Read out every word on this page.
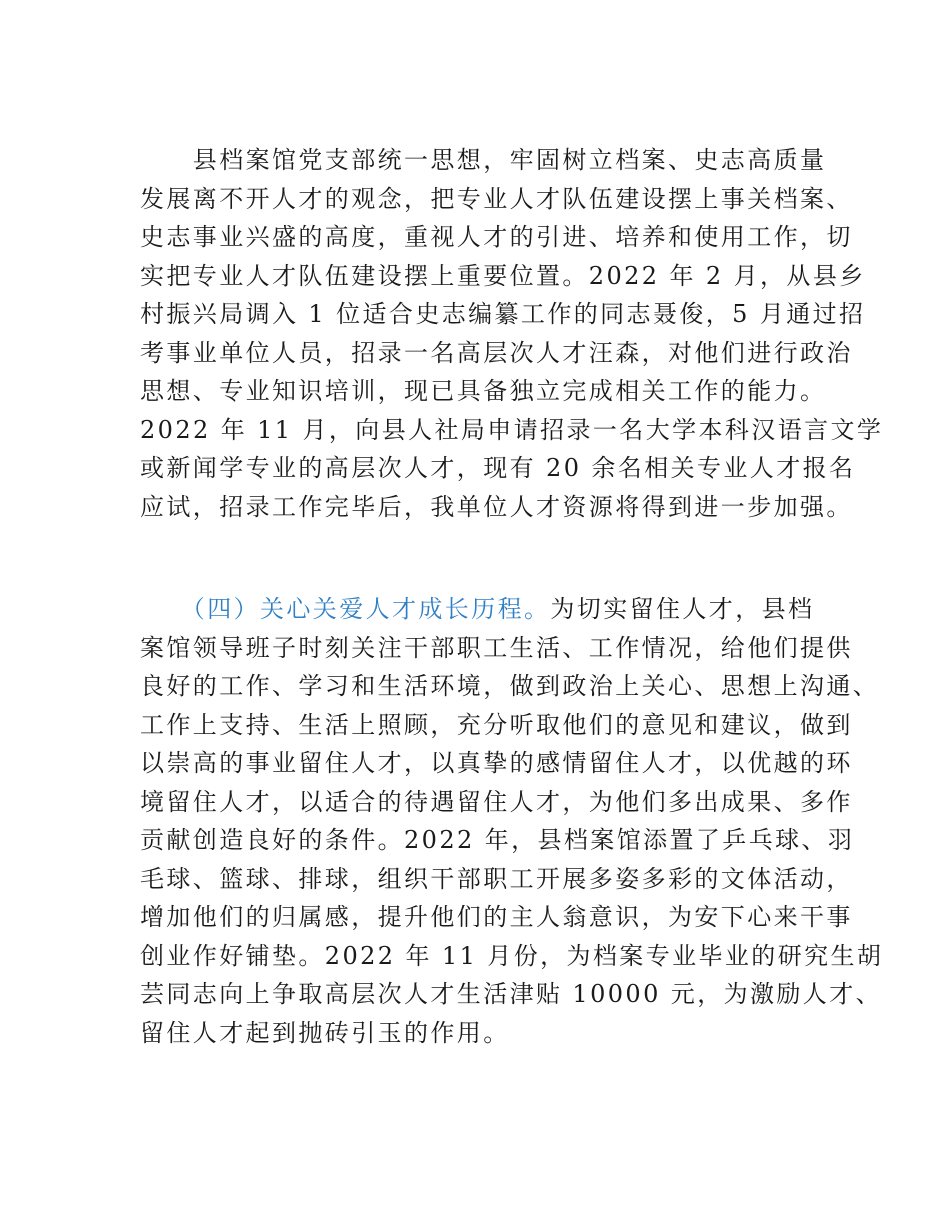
　　县档案馆党支部统一思想，牢固树立档案、史志高质量
发展离不开人才的观念，把专业人才队伍建设摆上事关档案、
史志事业兴盛的高度，重视人才的引进、培养和使用工作，切
实把专业人才队伍建设摆上重要位置。2022 年 2 月，从县乡
村振兴局调入 1 位适合史志编纂工作的同志聂俊，5 月通过招
考事业单位人员，招录一名高层次人才汪森，对他们进行政治
思想、专业知识培训，现已具备独立完成相关工作的能力。
2022 年 11 月，向县人社局申请招录一名大学本科汉语言文学
或新闻学专业的高层次人才，现有 20 余名相关专业人才报名
应试，招录工作完毕后，我单位人才资源将得到进一步加强。
　　（四）关心关爱人才成长历程。为切实留住人才，县档
案馆领导班子时刻关注干部职工生活、工作情况，给他们提供
良好的工作、学习和生活环境，做到政治上关心、思想上沟通、
工作上支持、生活上照顾，充分听取他们的意见和建议，做到
以崇高的事业留住人才，以真挚的感情留住人才，以优越的环
境留住人才，以适合的待遇留住人才，为他们多出成果、多作
贡献创造良好的条件。2022 年，县档案馆添置了乒乓球、羽
毛球、篮球、排球，组织干部职工开展多姿多彩的文体活动，
增加他们的归属感，提升他们的主人翁意识，为安下心来干事
创业作好铺垫。2022 年 11 月份，为档案专业毕业的研究生胡
芸同志向上争取高层次人才生活津贴 10000 元，为激励人才、
留住人才起到抛砖引玉的作用。
